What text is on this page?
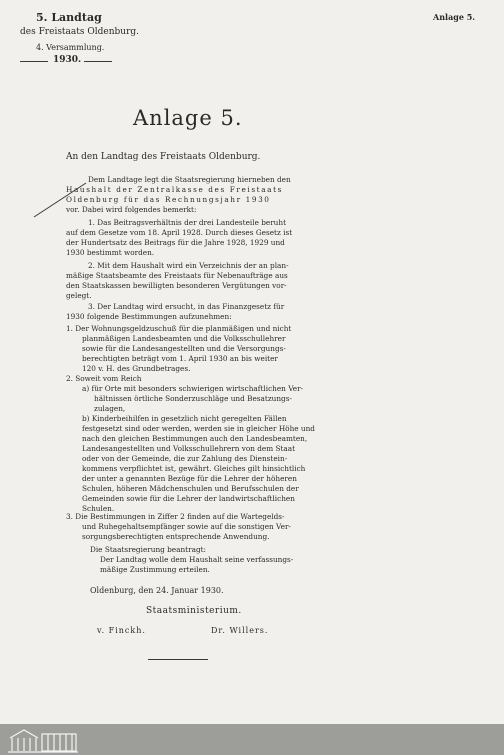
5. Landtag
des Freistaats Oldenburg.
4. Versammlung.
1930.
Anlage 5.
Anlage 5.
An den Landtag des Freistaats Oldenburg.
Dem Landtage legt die Staatsregierung hierneben den
Haushalt der Zentralkasse des Freistaats
Oldenburg für das Rechnungsjahr 1930
vor. Dabei wird folgendes bemerkt:
1. Das Beitragsverhältnis der drei Landesteile beruht
auf dem Gesetze vom 18. April 1928. Durch dieses Gesetz ist
der Hundertsatz des Beitrags für die Jahre 1928, 1929 und
1930 bestimmt worden.
2. Mit dem Haushalt wird ein Verzeichnis der an plan-
mäßige Staatsbeamte des Freistaats für Nebenaufträge aus
den Staatskassen bewilligten besonderen Vergütungen vor-
gelegt.
3. Der Landtag wird ersucht, in das Finanzgesetz für
1930 folgende Bestimmungen aufzunehmen:
1. Der Wohnungsgeldzuschuß für die planmäßigen und nicht
planmäßigen Landesbeamten und die Volksschullehrer
sowie für die Landesangestellten und die Versorgungs-
berechtigten beträgt vom 1. April 1930 an bis weiter
120 v. H. des Grundbetrages.
2. Soweit vom Reich
a) für Orte mit besonders schwierigen wirtschaftlichen Ver-
hältnissen örtliche Sonderzuschläge und Besatzungs-
zulagen,
b) Kinderbeihilfen in gesetzlich nicht geregelten Fällen
festgesetzt sind oder werden, werden sie in gleicher Höhe und
nach den gleichen Bestimmungen auch den Landesbeamten,
Landesangestellten und Volksschullehrern von dem Staat
oder von der Gemeinde, die zur Zahlung des Dienstein-
kommens verpflichtet ist, gewährt. Gleiches gilt hinsichtlich
der unter a genannten Bezüge für die Lehrer der höheren
Schulen, höheren Mädchenschulen und Berufsschulen der
Gemeinden sowie für die Lehrer der landwirtschaftlichen
Schulen.
3. Die Bestimmungen in Ziffer 2 finden auf die Wartegelds-
und Ruhegehaltsempfänger sowie auf die sonstigen Ver-
sorgungsberechtigten entsprechende Anwendung.
Die Staatsregierung beantragt:
Der Landtag wolle dem Haushalt seine verfassungs-
mäßige Zustimmung erteilen.
Oldenburg, den 24. Januar 1930.
Staatsministerium.
v. Finckh.	Dr. Willers.
